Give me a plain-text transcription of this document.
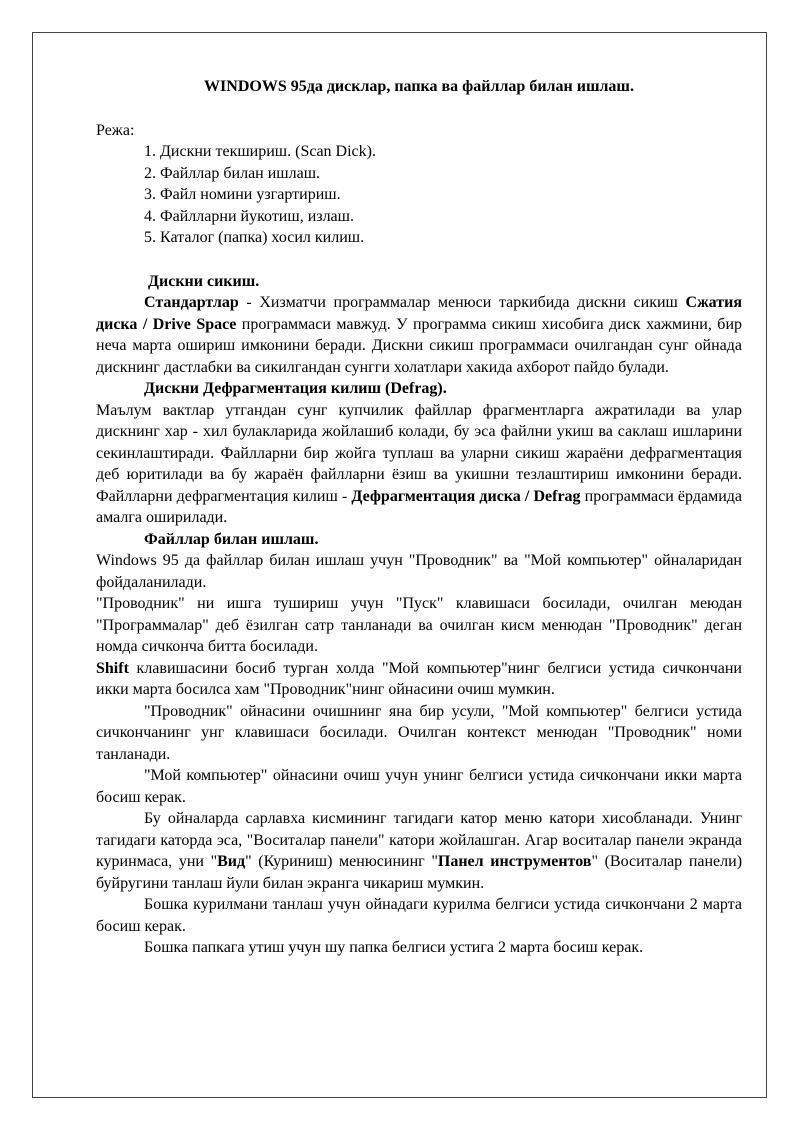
WINDOWS 95да дисклар, папка ва файллар билан ишлаш.

Режа:

1. Дискни текшириш. (Scan Dick).
2. Файллар билан ишлаш.
3. Файл номини узгартириш.
4. Файлларни йукотиш, излаш.
5. Каталог (папка) хосил килиш.

Дискни сикиш.

Стандартлар - Хизматчи программалар менюси таркибида дискни сикиш Сжатия диска / Drive Space программаси мавжуд. У программа сикиш хисобига диск хажмини, бир неча марта ошириш имконини беради. Дискни сикиш программаси очилгандан сунг ойнада дискнинг дастлабки ва сикилгандан сунгги холатлари хакида ахборот пайдо булади.

Дискни Дефрагментация килиш (Defrag).

Маълум вактлар утгандан сунг купчилик файллар фрагментларга ажратилади ва улар дискнинг хар - хил булакларида жойлашиб колади, бу эса файлни укиш ва саклаш ишларини секинлаштиради. Файлларни бир жойга туплаш ва уларни сикиш жараёни дефрагментация деб юритилади ва бу жараён файлларни ёзиш ва укишни тезлаштириш имконини беради. Файлларни дефрагментация килиш - Дефрагментация диска / Defrag программаси ёрдамида амалга оширилади.

Файллар билан ишлаш.

Windows 95 да файллар билан ишлаш учун "Проводник" ва "Мой компьютер" ойналаридан фойдаланилади.

"Проводник" ни ишга тушириш учун "Пуск" клавишаси босилади, очилган меюдан "Программалар" деб ёзилган сатр танланади ва очилган кисм менюдан "Проводник" деган номда сичконча битта босилади.

Shift клавишасини босиб турган холда "Мой компьютер"нинг белгиси устида сичкончани икки марта босилса хам "Проводник"нинг ойнасини очиш мумкин.

"Проводник" ойнасини очишнинг яна бир усули, "Мой компьютер" белгиси устида сичкончанинг унг клавишаси босилади. Очилган контекст менюдан "Проводник" номи танланади.

"Мой компьютер" ойнасини очиш учун унинг белгиси устида сичкончани икки марта босиш керак.

Бу ойналарда сарлавха кисмининг тагидаги катор меню катори хисобланади. Унинг тагидаги каторда эса, "Воситалар панели" катори жойлашган. Агар воситалар панели экранда куринмаса, уни "Вид" (Куриниш) менюсининг "Панел инструментов" (Воситалар панели) буйругини танлаш йули билан экранга чикариш мумкин.

Бошка курилмани танлаш учун ойнадаги курилма белгиси устида сичкончани 2 марта босиш керак.

Бошка папкага утиш учун шу папка белгиси устига 2 марта босиш керак.
